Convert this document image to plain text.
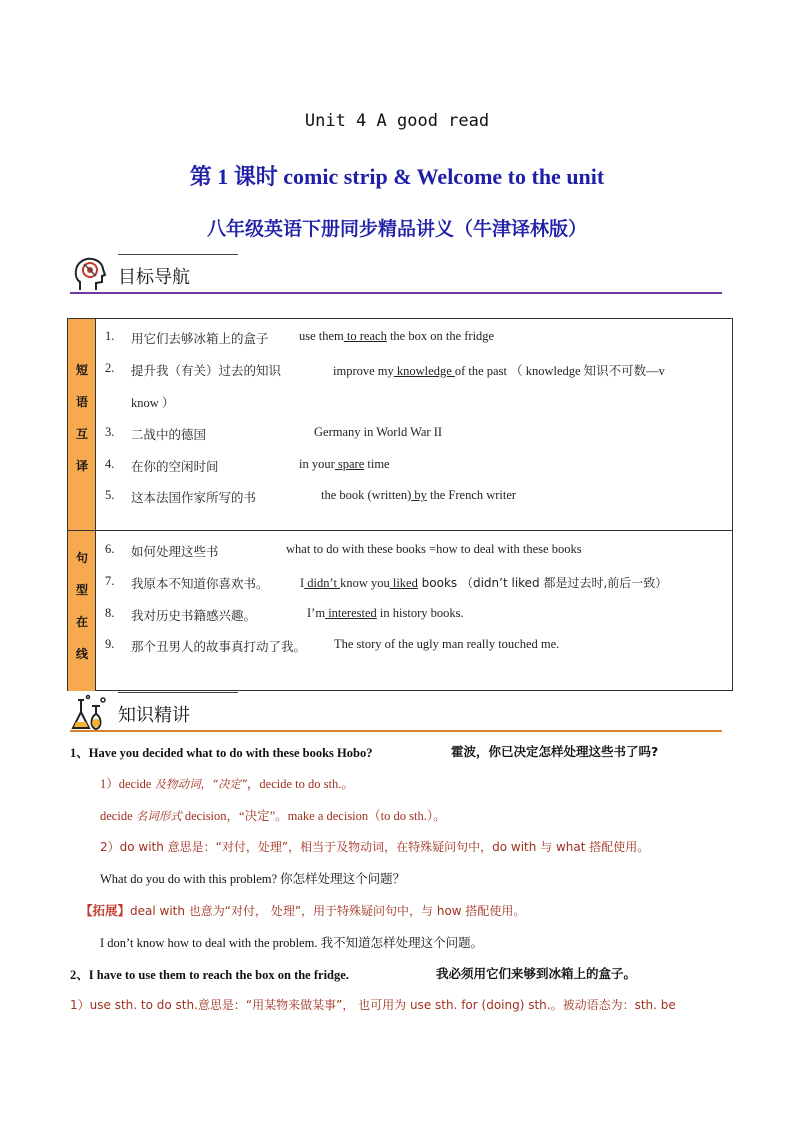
Unit 4 A good read
第 1 课时 comic strip & Welcome to the unit
八年级英语下册同步精品讲义（牛津译林版）
目标导航
短
语
互
译
句
型
在
线
1. 用它们去够冰箱上的盒子 use them to reach the box on the fridge
2. 提升我（有关）过去的知识	improve my knowledge of the past （ knowledge 知识不可数—v
know ）
3. 二战中的德国	Germany in World War II
4. 在你的空闲时间	in your spare time
5. 这本法国作家所写的书	the book (written) by the French writer
6. 如何处理这些书	what to do with these books =how to deal with these books
7. 我原本不知道你喜欢书。	I didn’t know you liked books （didn’t liked 都是过去时,前后一致）
8. 我对历史书籍感兴趣。	I’m interested in history books.
9. 那个丑男人的故事真打动了我。 The story of the ugly man really touched me.
知识精讲
1、Have you decided what to do with these books Hobo?	霍波，你已决定怎样处理这些书了吗?
1）decide 及物动词，“决定”，decide to do sth.。
decide 名词形式 decision，“决定”。make a decision（to do sth.）。
2）do with 意思是：“对付，处理”，相当于及物动词，在特殊疑问句中，do with 与 what 搭配使用。
What do you do with this problem? 你怎样处理这个问题？
【拓展】deal with 也意为“对付， 处理”，用于特殊疑问句中，与 how 搭配使用。
I don’t know how to deal with the problem. 我不知道怎样处理这个问题。
2、I have to use them to reach the box on the fridge.	我必须用它们来够到冰箱上的盒子。
1）use sth. to do sth.意思是：“用某物来做某事”， 也可用为 use sth. for (doing) sth.。被动语态为：sth. be
